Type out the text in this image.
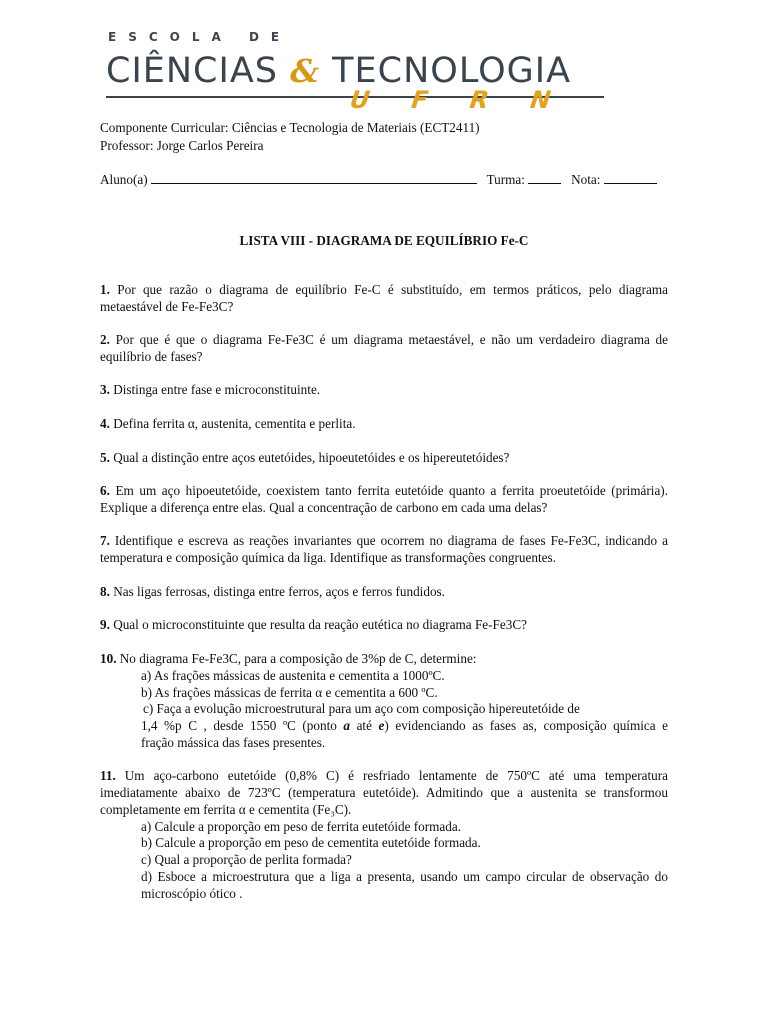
ESCOLA DE
CIÊNCIAS & TECNOLOGIA
UFRN
Componente Curricular: Ciências e Tecnologia de Materiais (ECT2411)
Professor: Jorge Carlos Pereira
Aluno(a)	Turma:	Nota:
LISTA VIII - DIAGRAMA DE EQUILÍBRIO Fe-C
1. Por que razão o diagrama de equilíbrio Fe-C é substituído, em termos práticos, pelo diagrama metaestável de Fe-Fe3C?
2. Por que é que o diagrama Fe-Fe3C é um diagrama metaestável, e não um verdadeiro diagrama de equilíbrio de fases?
3. Distinga entre fase e microconstituinte.
4. Defina ferrita α, austenita, cementita e perlita.
5. Qual a distinção entre aços eutetóides, hipoeutetóides e os hipereutetóides?
6. Em um aço hipoeutetóide, coexistem tanto ferrita eutetóide quanto a ferrita proeutetóide (primária). Explique a diferença entre elas. Qual a concentração de carbono em cada uma delas?
7. Identifique e escreva as reações invariantes que ocorrem no diagrama de fases Fe-Fe3C, indicando a temperatura e composição química da liga. Identifique as transformações congruentes.
8. Nas ligas ferrosas, distinga entre ferros, aços e ferros fundidos.
9. Qual o microconstituinte que resulta da reação eutética no diagrama Fe-Fe3C?
10. No diagrama Fe-Fe3C, para a composição de 3%p de C, determine:
a) As frações mássicas de austenita e cementita a 1000ºC.
b) As frações mássicas de ferrita α e cementita a 600 ºC.
c) Faça a evolução microestrutural para um aço com composição hipereutetóide de
1,4 %p C , desde 1550 ºC (ponto a até e) evidenciando as fases as, composição química e
fração mássica das fases presentes.
11. Um aço-carbono eutetóide (0,8% C) é resfriado lentamente de 750ºC até uma temperatura imediatamente abaixo de 723ºC (temperatura eutetóide). Admitindo que a austenita se transformou completamente em ferrita α e cementita (Fe₃C).
a) Calcule a proporção em peso de ferrita eutetóide formada.
b) Calcule a proporção em peso de cementita eutetóide formada.
c) Qual a proporção de perlita formada?
d) Esboce a microestrutura que a liga a presenta, usando um campo circular de observação do microscópio ótico .
